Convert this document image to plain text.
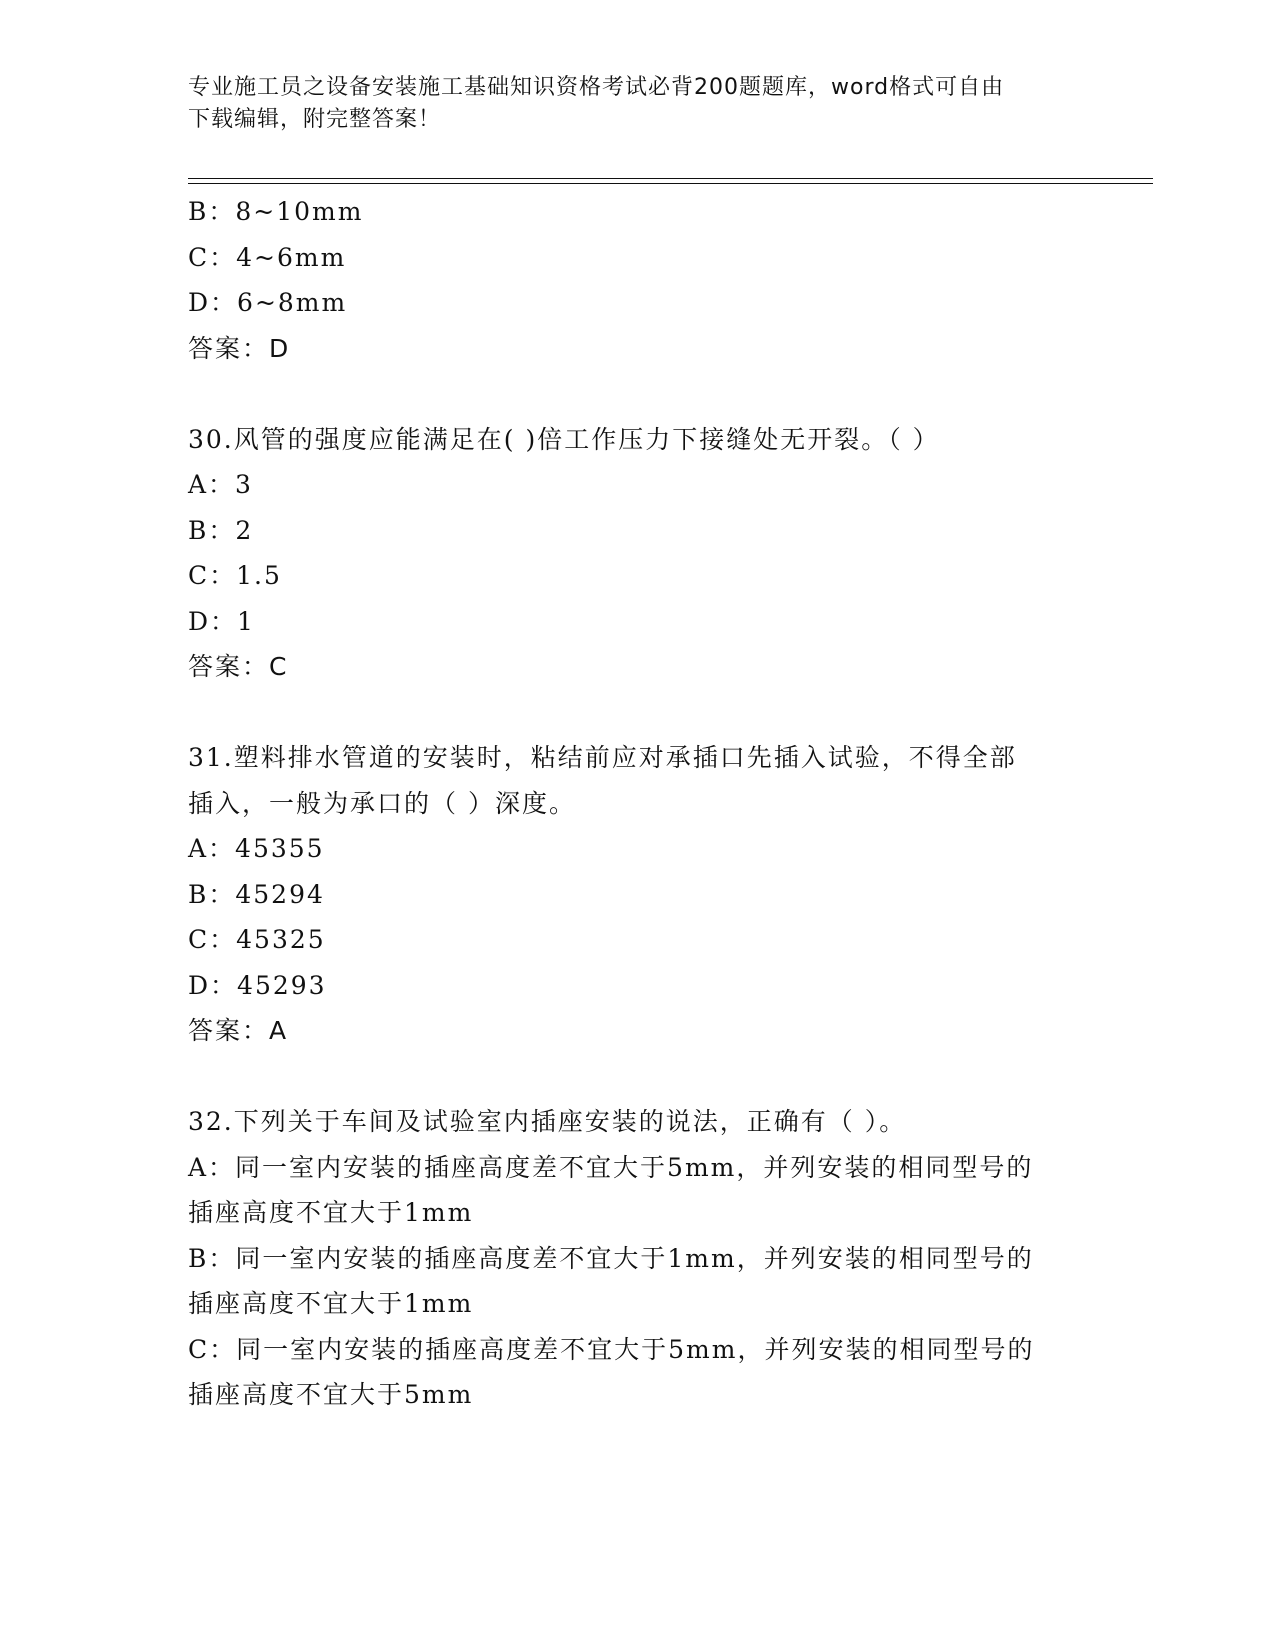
专业施工员之设备安装施工基础知识资格考试必背200题题库，word格式可自由
下载编辑，附完整答案！
B：8~10mm
C：4~6mm
D：6~8mm
答案：D
30.风管的强度应能满足在( )倍工作压力下接缝处无开裂。（ ）
A：3
B：2
C：1.5
D：1
答案：C
31.塑料排水管道的安装时，粘结前应对承插口先插入试验，不得全部
插入，一般为承口的（ ）深度。
A：45355
B：45294
C：45325
D：45293
答案：A
32.下列关于车间及试验室内插座安装的说法，正确有（ ）。
A：同一室内安装的插座高度差不宜大于5mm，并列安装的相同型号的
插座高度不宜大于1mm
B：同一室内安装的插座高度差不宜大于1mm，并列安装的相同型号的
插座高度不宜大于1mm
C：同一室内安装的插座高度差不宜大于5mm，并列安装的相同型号的
插座高度不宜大于5mm
